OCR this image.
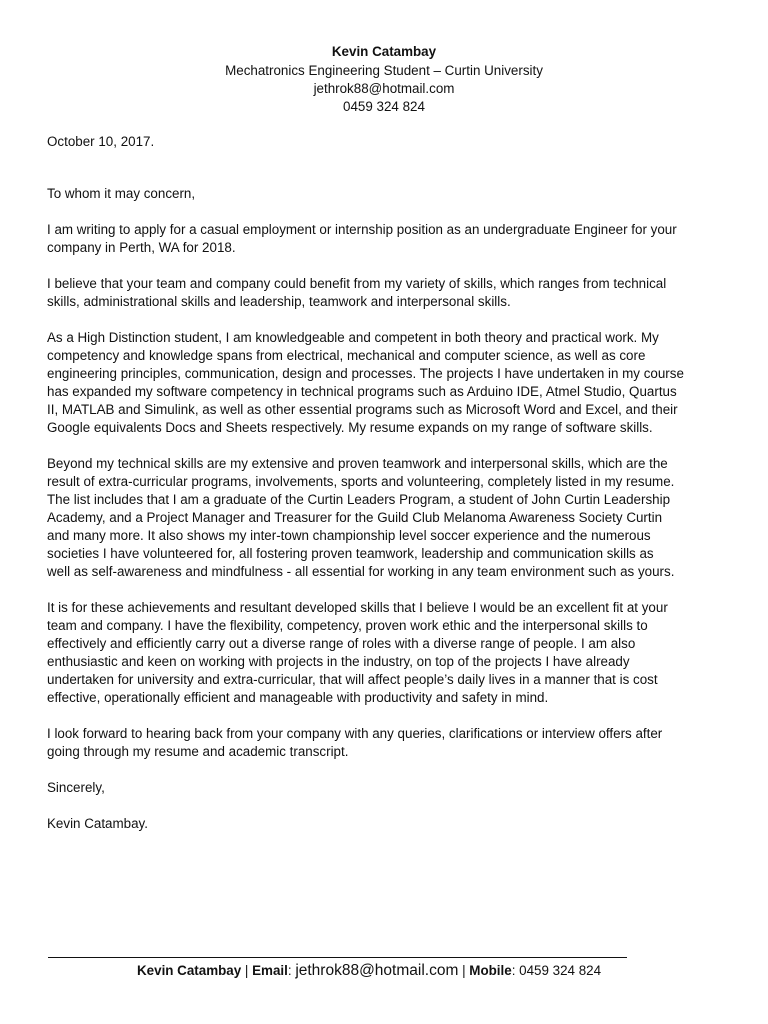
Kevin Catambay
Mechatronics Engineering Student – Curtin University
jethrok88@hotmail.com
0459 324 824
October 10, 2017.
To whom it may concern,
I am writing to apply for a casual employment or internship position as an undergraduate Engineer for your
company in Perth, WA for 2018.
I believe that your team and company could benefit from my variety of skills, which ranges from technical
skills, administrational skills and leadership, teamwork and interpersonal skills.
As a High Distinction student, I am knowledgeable and competent in both theory and practical work. My
competency and knowledge spans from electrical, mechanical and computer science, as well as core
engineering principles, communication, design and processes. The projects I have undertaken in my course
has expanded my software competency in technical programs such as Arduino IDE, Atmel Studio, Quartus
II, MATLAB and Simulink, as well as other essential programs such as Microsoft Word and Excel, and their
Google equivalents Docs and Sheets respectively. My resume expands on my range of software skills.
Beyond my technical skills are my extensive and proven teamwork and interpersonal skills, which are the
result of extra-curricular programs, involvements, sports and volunteering, completely listed in my resume.
The list includes that I am a graduate of the Curtin Leaders Program, a student of John Curtin Leadership
Academy, and a Project Manager and Treasurer for the Guild Club Melanoma Awareness Society Curtin
and many more. It also shows my inter-town championship level soccer experience and the numerous
societies I have volunteered for, all fostering proven teamwork, leadership and communication skills as
well as self-awareness and mindfulness - all essential for working in any team environment such as yours.
It is for these achievements and resultant developed skills that I believe I would be an excellent fit at your
team and company. I have the flexibility, competency, proven work ethic and the interpersonal skills to
effectively and efficiently carry out a diverse range of roles with a diverse range of people. I am also
enthusiastic and keen on working with projects in the industry, on top of the projects I have already
undertaken for university and extra-curricular, that will affect people’s daily lives in a manner that is cost
effective, operationally efficient and manageable with productivity and safety in mind.
I look forward to hearing back from your company with any queries, clarifications or interview offers after
going through my resume and academic transcript.
Sincerely,
Kevin Catambay.
Kevin Catambay | Email: jethrok88@hotmail.com | Mobile: 0459 324 824
